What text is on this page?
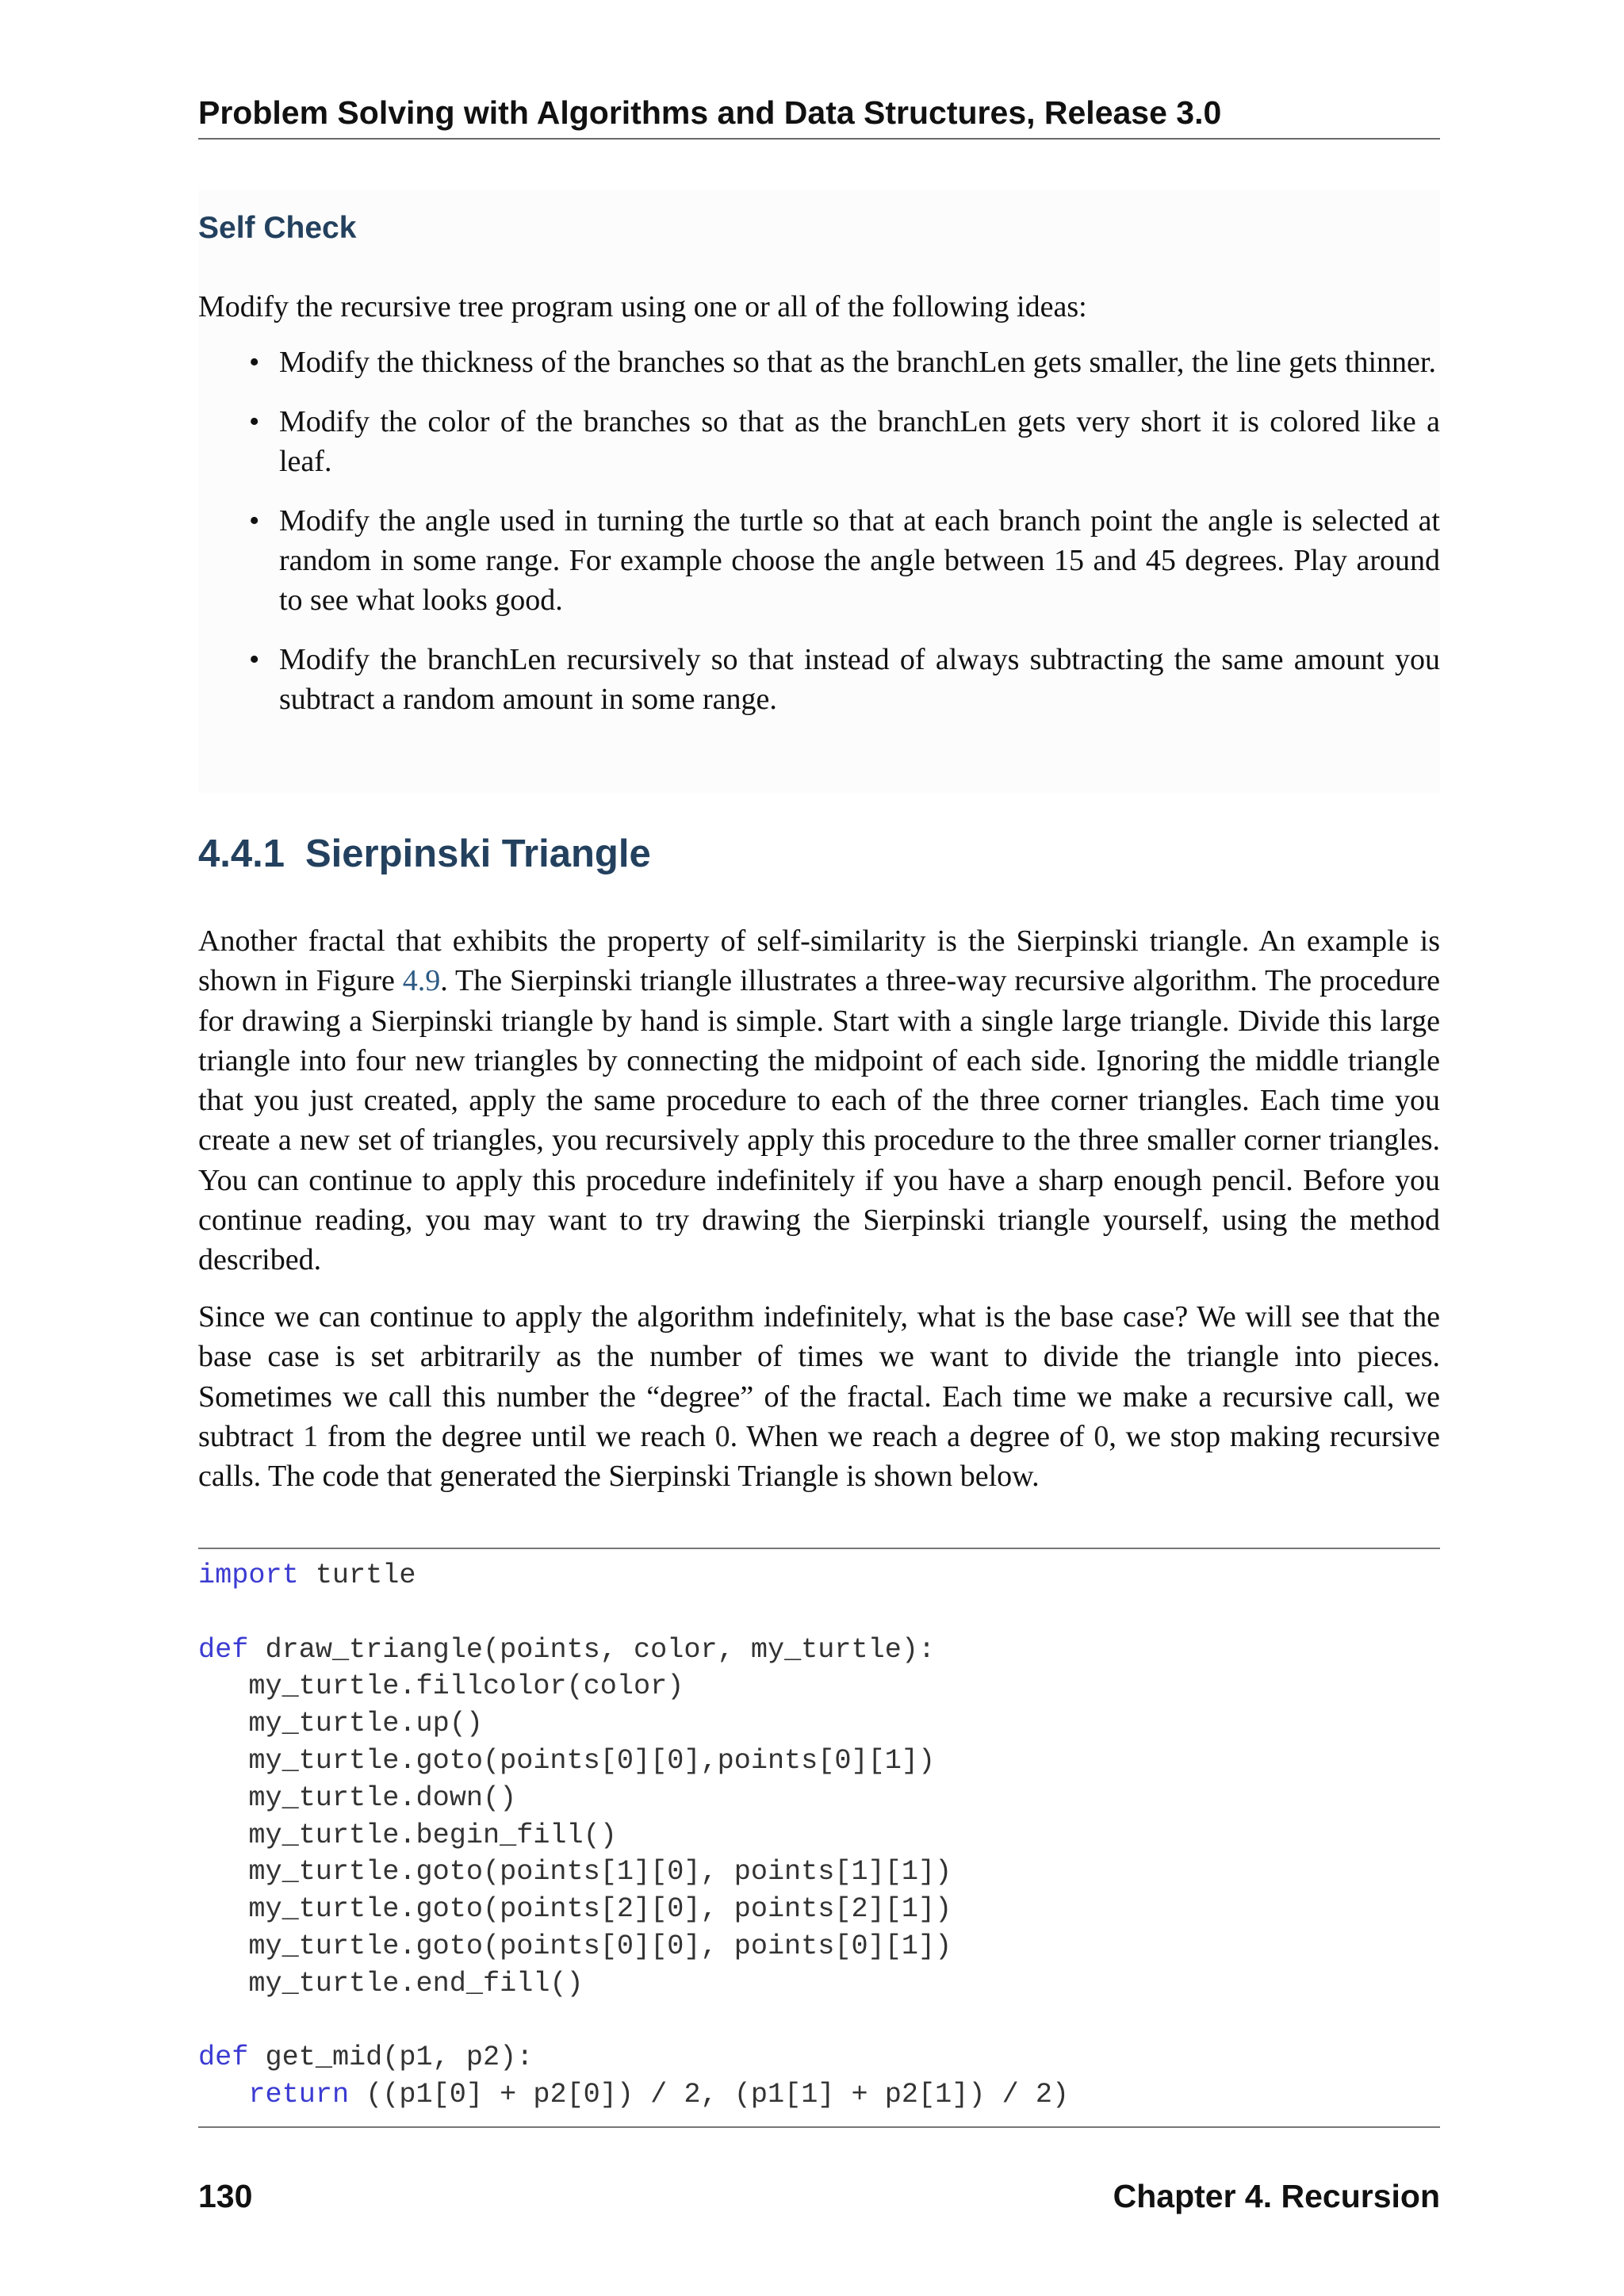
Problem Solving with Algorithms and Data Structures, Release 3.0
Self Check

Modify the recursive tree program using one or all of the following ideas:

• Modify the thickness of the branches so that as the branchLen gets smaller, the line gets thinner.
• Modify the color of the branches so that as the branchLen gets very short it is colored like a leaf.
• Modify the angle used in turning the turtle so that at each branch point the angle is selected at random in some range. For example choose the angle between 15 and 45 degrees. Play around to see what looks good.
• Modify the branchLen recursively so that instead of always subtracting the same amount you subtract a random amount in some range.
4.4.1 Sierpinski Triangle

Another fractal that exhibits the property of self-similarity is the Sierpinski triangle. An example is shown in Figure 4.9. The Sierpinski triangle illustrates a three-way recursive algorithm. The procedure for drawing a Sierpinski triangle by hand is simple. Start with a single large triangle. Divide this large triangle into four new triangles by connecting the midpoint of each side. Ignoring the middle triangle that you just created, apply the same procedure to each of the three corner triangles. Each time you create a new set of triangles, you recursively apply this procedure to the three smaller corner triangles. You can continue to apply this procedure indefinitely if you have a sharp enough pencil. Before you continue reading, you may want to try drawing the Sierpinski triangle yourself, using the method described.

Since we can continue to apply the algorithm indefinitely, what is the base case? We will see that the base case is set arbitrarily as the number of times we want to divide the triangle into pieces. Sometimes we call this number the “degree” of the fractal. Each time we make a recursive call, we subtract 1 from the degree until we reach 0. When we reach a degree of 0, we stop making recursive calls. The code that generated the Sierpinski Triangle is shown below.

import turtle

def draw_triangle(points, color, my_turtle):
my_turtle.fillcolor(color)
my_turtle.up()
my_turtle.goto(points[0][0],points[0][1])
my_turtle.down()
my_turtle.begin_fill()
my_turtle.goto(points[1][0], points[1][1])
my_turtle.goto(points[2][0], points[2][1])
my_turtle.goto(points[0][0], points[0][1])
my_turtle.end_fill()

def get_mid(p1, p2):
return ((p1[0] + p2[0]) / 2, (p1[1] + p2[1]) / 2)
130	Chapter 4. Recursion
